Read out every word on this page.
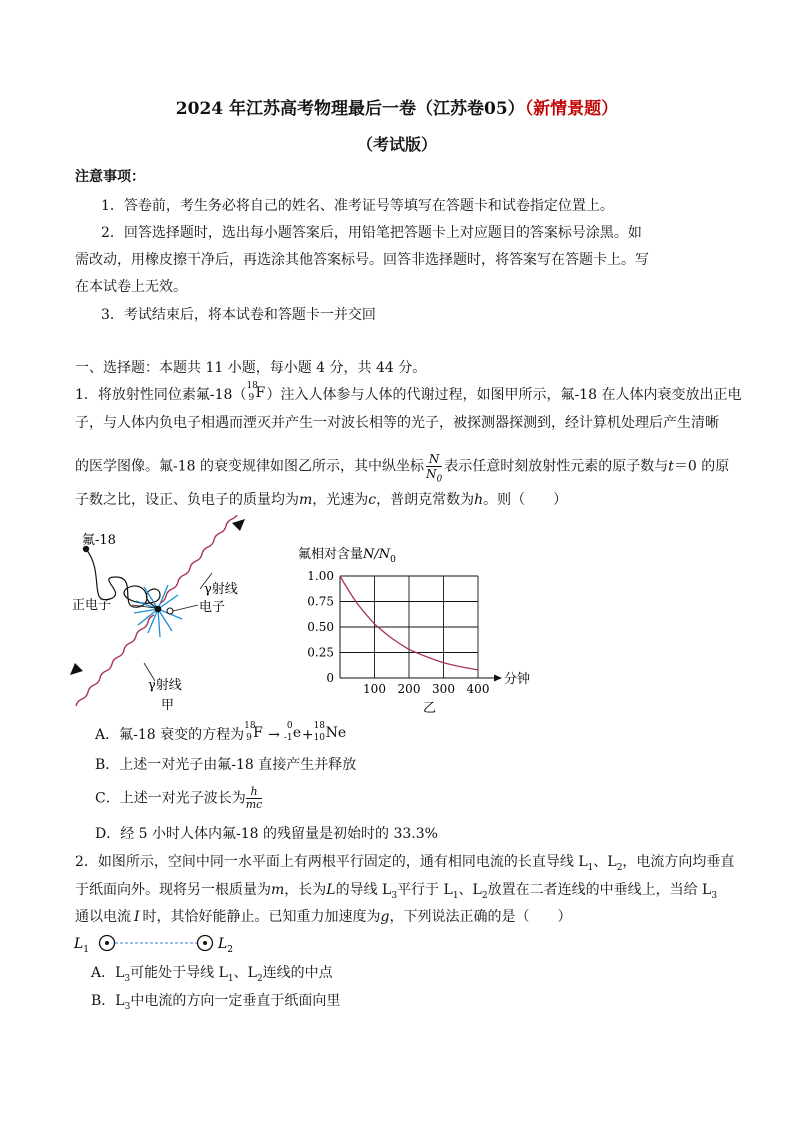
2024 年江苏高考物理最后一卷（江苏卷05）（新情景题）
（考试版）
注意事项：
1．答卷前，考生务必将自己的姓名、准考证号等填写在答题卡和试卷指定位置上。
2．回答选择题时，选出每小题答案后，用铅笔把答题卡上对应题目的答案标号涂黑。如
需改动，用橡皮擦干净后，再选涂其他答案标号。回答非选择题时，将答案写在答题卡上。写
在本试卷上无效。
3．考试结束后，将本试卷和答题卡一并交回
一、选择题：本题共 11 小题，每小题 4 分，共 44 分。
1．将放射性同位素氟-18（
18
9 F ）注入人体参与人体的代谢过程，如图甲所示，氟-18 在人体内衰变放出正电
子，与人体内负电子相遇而湮灭并产生一对波长相等的光子，被探测器探测到，经计算机处理后产生清晰
的医学图像。氟-18 的衰变规律如图乙所示，其中纵坐标 $\frac{N}{N_0}$ 表示任意时刻放射性元素的原子数与t＝0 的原
子数之比，设正、负电子的质量均为m，光速为c，普朗克常数为h。则（　　）
氟-18
γ射线
正电子	电子
γ射线
甲
氟相对含量$N/N_0$
100 200 300 400
0
0.25
0.50
0.75
1.00
分钟
乙
A．氟-18 衰变的方程为
18
9 F →
0
-1 e +
18
10 Ne
B．上述一对光子由氟-18 直接产生并释放
C．上述一对光子波长为 $\frac{h}{mc}$
D．经 5 小时人体内氟-18 的残留量是初始时的 33.3%
2．如图所示，空间中同一水平面上有两根平行固定的，通有相同电流的长直导线 $L_1$、$L_2$，电流方向均垂直
于纸面向外。现将另一根质量为m，长为L的导线 $L_3$平行于 $L_1$、$L_2$放置在二者连线的中垂线上，当给 $L_3$
通以电流 I 时，其恰好能静止。已知重力加速度为g，下列说法正确的是（　　）
$L_1$	$L_2$
A．$L_3$可能处于导线 $L_1$、$L_2$连线的中点
B．$L_3$中电流的方向一定垂直于纸面向里
